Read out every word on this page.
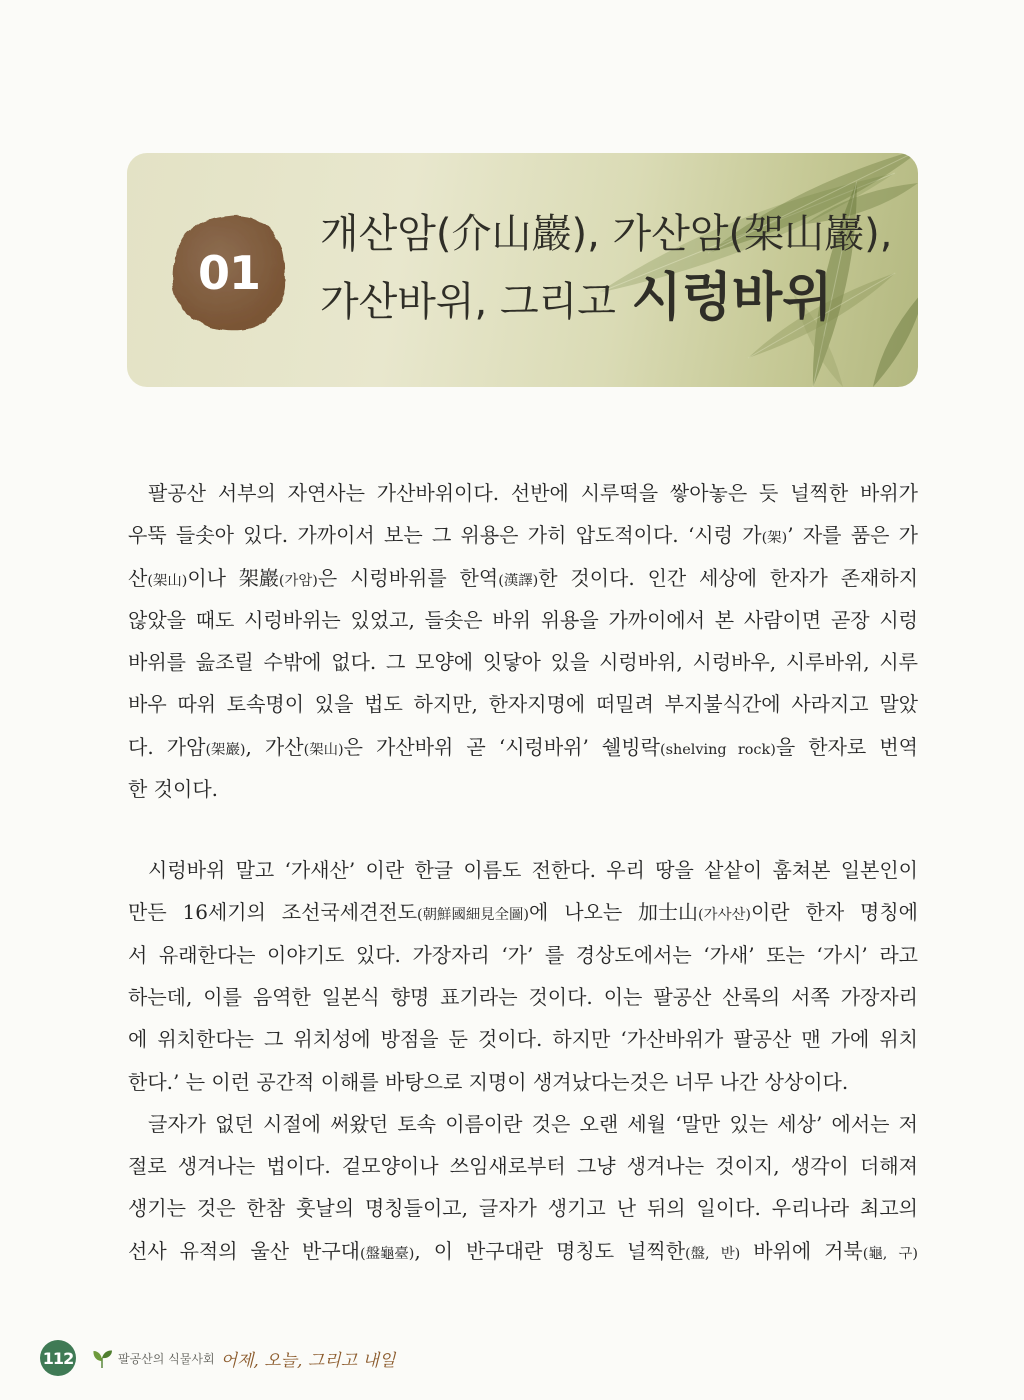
01
개산암(介山巖), 가산암(架山巖),
가산바위, 그리고 시렁바위
팔공산 서부의 자연사는 가산바위이다. 선반에 시루떡을 쌓아놓은 듯 널찍한 바위가
우뚝 들솟아 있다. 가까이서 보는 그 위용은 가히 압도적이다. ‘시렁 가(架)’ 자를 품은 가
산(架山)이나 架巖(가암)은 시렁바위를 한역(漢譯)한 것이다. 인간 세상에 한자가 존재하지
않았을 때도 시렁바위는 있었고, 들솟은 바위 위용을 가까이에서 본 사람이면 곧장 시렁
바위를 읊조릴 수밖에 없다. 그 모양에 잇닿아 있을 시렁바위, 시렁바우, 시루바위, 시루
바우 따위 토속명이 있을 법도 하지만, 한자지명에 떠밀려 부지불식간에 사라지고 말았
다. 가암(架巖), 가산(架山)은 가산바위 곧 ‘시렁바위’ 쉘빙락(shelving rock)을 한자로 번역
한 것이다.
시렁바위 말고 ‘가새산’ 이란 한글 이름도 전한다. 우리 땅을 샅샅이 훔쳐본 일본인이
만든 16세기의 조선국세견전도(朝鮮國細見全圖)에 나오는 加士山(가사산)이란 한자 명칭에
서 유래한다는 이야기도 있다. 가장자리 ‘가’ 를 경상도에서는 ‘가새’ 또는 ‘가시’ 라고
하는데, 이를 음역한 일본식 향명 표기라는 것이다. 이는 팔공산 산록의 서쪽 가장자리
에 위치한다는 그 위치성에 방점을 둔 것이다. 하지만 ‘가산바위가 팔공산 맨 가에 위치
한다.’ 는 이런 공간적 이해를 바탕으로 지명이 생겨났다는것은 너무 나간 상상이다.
글자가 없던 시절에 써왔던 토속 이름이란 것은 오랜 세월 ‘말만 있는 세상’ 에서는 저
절로 생겨나는 법이다. 겉모양이나 쓰임새로부터 그냥 생겨나는 것이지, 생각이 더해져
생기는 것은 한참 훗날의 명칭들이고, 글자가 생기고 난 뒤의 일이다. 우리나라 최고의
선사 유적의 울산 반구대(盤龜臺), 이 반구대란 명칭도 널찍한(盤, 반) 바위에 거북(龜, 구)
112	팔공산의 식물사회 어제, 오늘, 그리고 내일
